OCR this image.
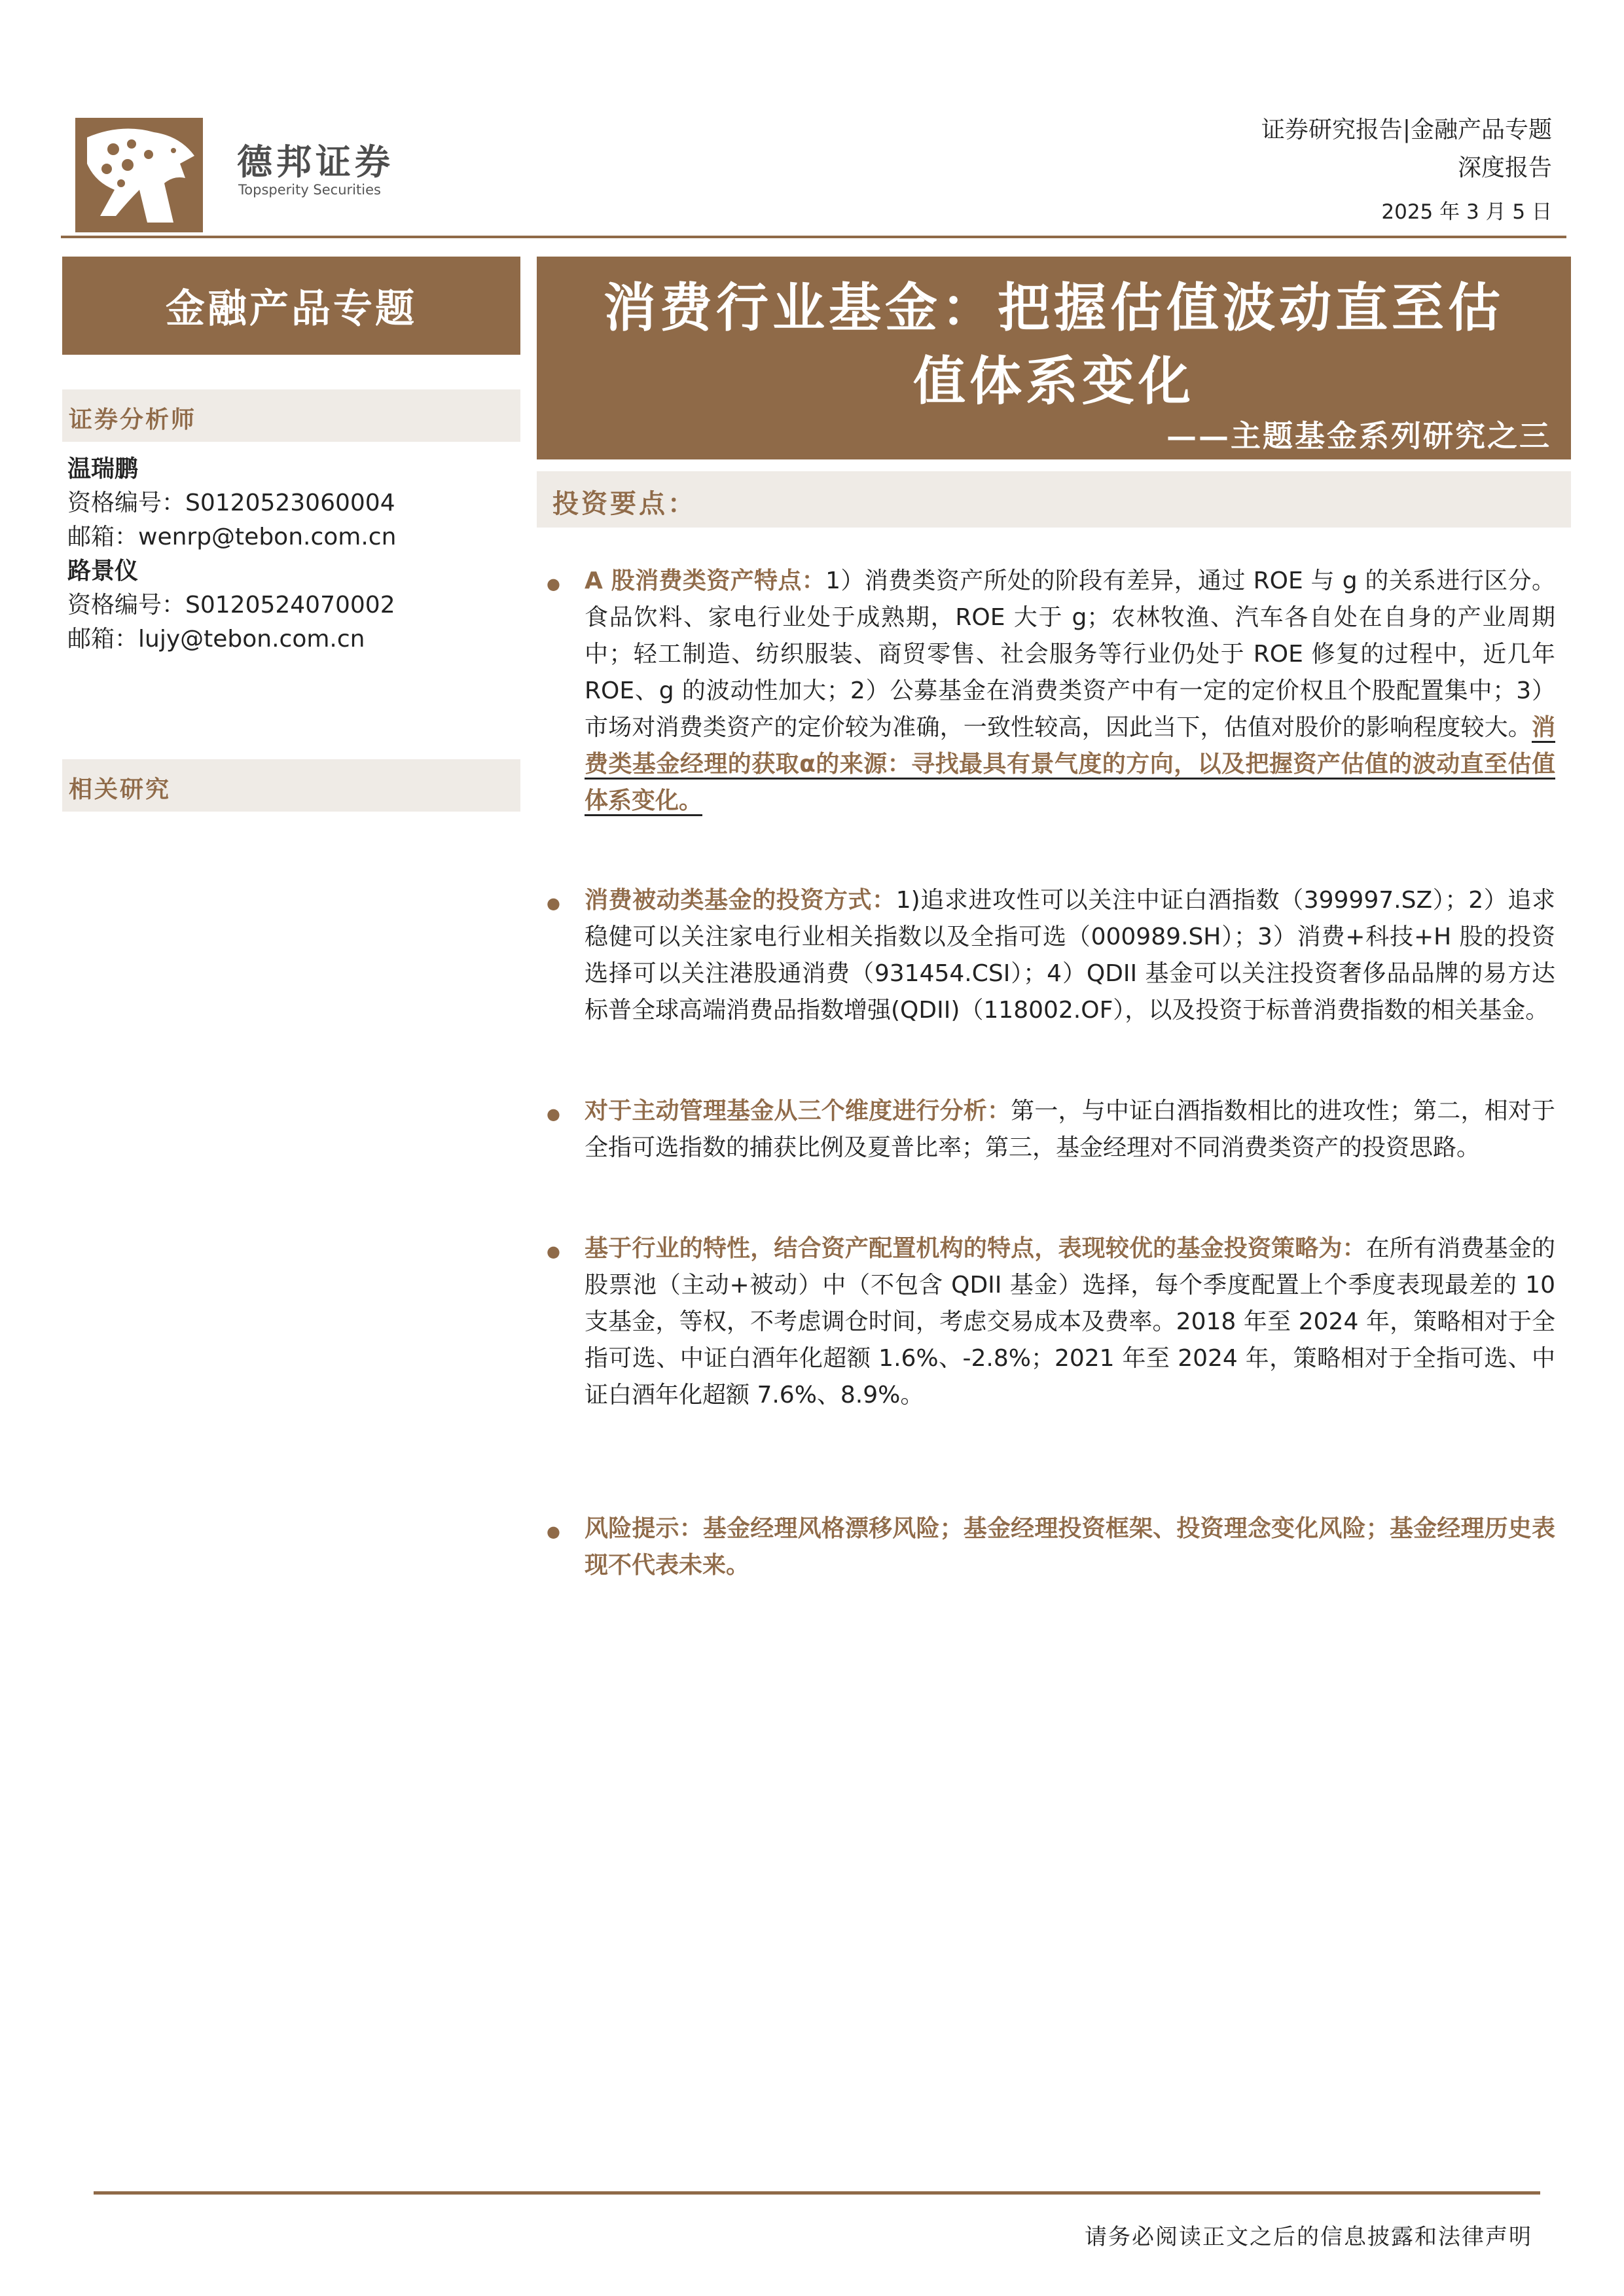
德邦证券
Topsperity Securities
证券研究报告|金融产品专题
深度报告
2025 年 3 月 5 日
金融产品专题
证券分析师
温瑞鹏
资格编号：S0120523060004
邮箱：wenrp@tebon.com.cn
路景仪
资格编号：S0120524070002
邮箱：lujy@tebon.com.cn
相关研究
消费行业基金：把握估值波动直至估
值体系变化
——主题基金系列研究之三
投资要点：
● A 股消费类资产特点：1）消费类资产所处的阶段有差异，通过 ROE 与 g 的关系进行区分。食品饮料、家电行业处于成熟期，ROE 大于 g；农林牧渔、汽车各自处在自身的产业周期中；轻工制造、纺织服装、商贸零售、社会服务等行业仍处于 ROE 修复的过程中，近几年 ROE、g 的波动性加大；2）公募基金在消费类资产中有一定的定价权且个股配置集中；3）市场对消费类资产的定价较为准确，一致性较高，因此当下，估值对股价的影响程度较大。消费类基金经理的获取α的来源：寻找最具有景气度的方向，以及把握资产估值的波动直至估值体系变化。
● 消费被动类基金的投资方式：1)追求进攻性可以关注中证白酒指数（399997.SZ）；2）追求稳健可以关注家电行业相关指数以及全指可选（000989.SH）；3）消费+科技+H 股的投资选择可以关注港股通消费（931454.CSI）；4）QDII 基金可以关注投资奢侈品品牌的易方达标普全球高端消费品指数增强(QDII)（118002.OF），以及投资于标普消费指数的相关基金。
● 对于主动管理基金从三个维度进行分析：第一，与中证白酒指数相比的进攻性；第二，相对于全指可选指数的捕获比例及夏普比率；第三，基金经理对不同消费类资产的投资思路。
● 基于行业的特性，结合资产配置机构的特点，表现较优的基金投资策略为：在所有消费基金的股票池（主动+被动）中（不包含 QDII 基金）选择，每个季度配置上个季度表现最差的 10 支基金，等权，不考虑调仓时间，考虑交易成本及费率。2018 年至 2024 年，策略相对于全指可选、中证白酒年化超额 1.6%、-2.8%；2021 年至 2024 年，策略相对于全指可选、中证白酒年化超额 7.6%、8.9%。
● 风险提示：基金经理风格漂移风险；基金经理投资框架、投资理念变化风险；基金经理历史表现不代表未来。
请务必阅读正文之后的信息披露和法律声明
